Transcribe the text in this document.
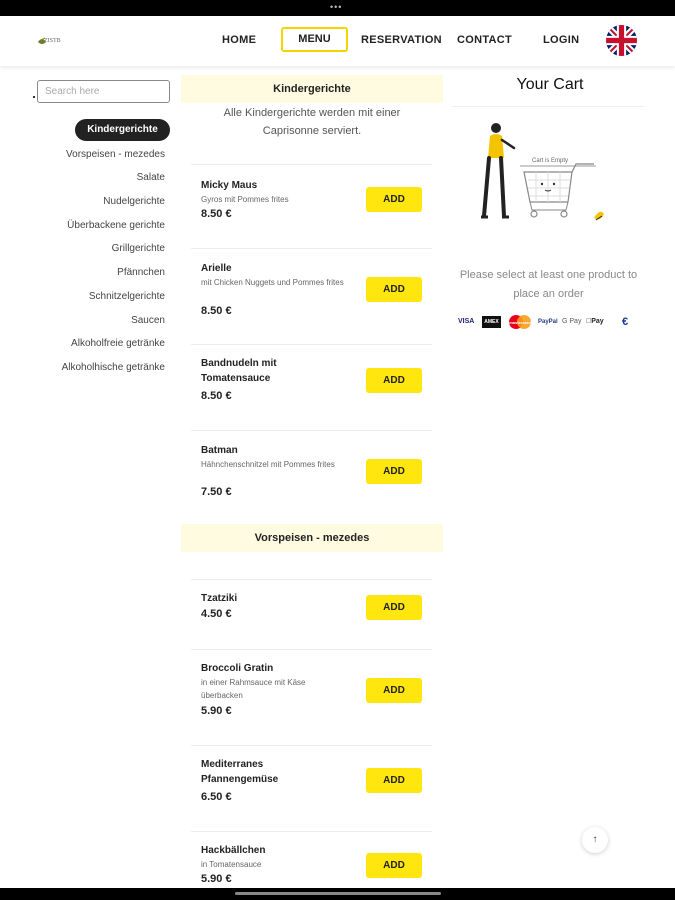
•••
ZISTB	HOME	MENU	RESERVATION CONTACT	LOGIN
Search here
Kindergerichte
Vorspeisen - mezedes
Salate
Nudelgerichte
Überbackene gerichte
Grillgerichte
Pfännchen
Schnitzelgerichte
Saucen
Alkoholfreie getränke
Alkoholhische getränke
Kindergerichte
Alle Kindergerichte werden mit einer Caprisonne serviert.
Micky Maus
Gyros mit Pommes frites
8.50 €
ADD
Arielle
mit Chicken Nuggets und Pommes frites
8.50 €
ADD
Bandnudeln mit Tomatensauce
8.50 €
ADD
Batman
Hähnchenschnitzel mit Pommes frites
7.50 €
ADD
Vorspeisen - mezedes
Tzatziki
4.50 €
ADD
Broccoli Gratin
in einer Rahmsauce mit Käse überbacken
5.90 €
ADD
Mediterranes Pfannengemüse
6.50 €
ADD
Hackbällchen
in Tomatensauce
5.90 €
ADD
Your Cart
Cart is Empty
Please select at least one product to place an order
VISA	AMEX	mastercard PayPal G Pay Pay €
↑
